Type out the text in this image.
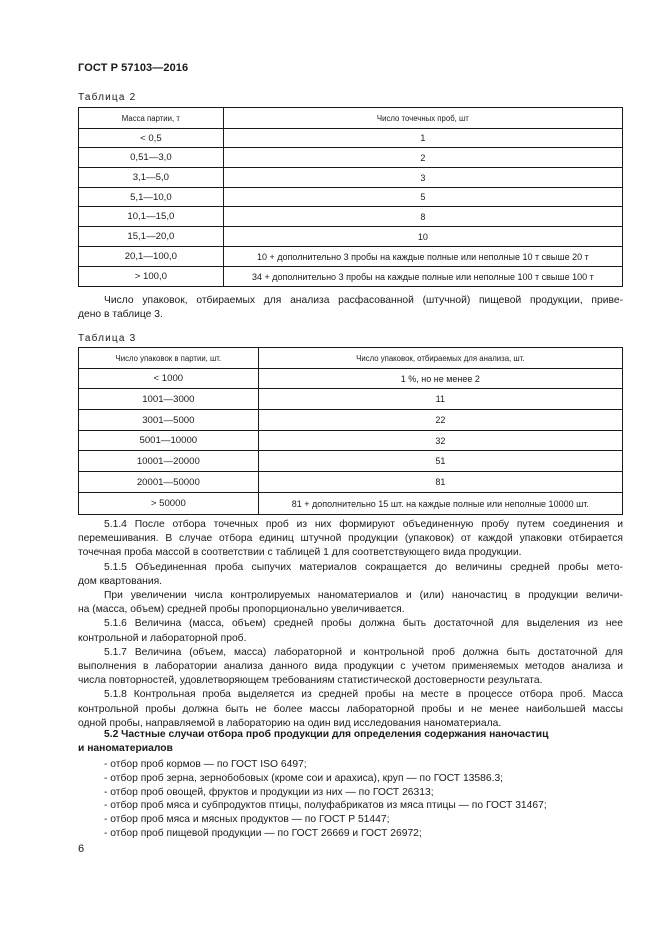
ГОСТ Р 57103—2016
Таблица 2
Масса партии, т	Число точечных проб, шт
< 0,5	1
0,51—3,0	2
3,1—5,0	3
5,1—10,0	5
10,1—15,0	8
15,1—20,0	10
20,1—100,0	10 + дополнительно 3 пробы на каждые полные или неполные 10 т свыше 20 т
> 100,0	34 + дополнительно 3 пробы на каждые полные или неполные 100 т свыше 100 т
Число упаковок, отбираемых для анализа расфасованной (штучной) пищевой продукции, приве-
дено в таблице 3.
Таблица 3
Число упаковок в партии, шт.	Число упаковок, отбираемых для анализа, шт.
< 1000	1 %, но не менее 2
1001—3000	11
3001—5000	22
5001—10000	32
10001—20000	51
20001—50000	81
> 50000	81 + дополнительно 15 шт. на каждые полные или неполные 10000 шт.
5.1.4 После отбора точечных проб из них формируют объединенную пробу путем соединения и
перемешивания. В случае отбора единиц штучной продукции (упаковок) от каждой упаковки отбирается
точечная проба массой в соответствии с таблицей 1 для соответствующего вида продукции.
5.1.5 Объединенная проба сыпучих материалов сокращается до величины средней пробы мето-
дом квартования.
При увеличении числа контролируемых наноматериалов и (или) наночастиц в продукции величи-
на (масса, объем) средней пробы пропорционально увеличивается.
5.1.6 Величина (масса, объем) средней пробы должна быть достаточной для выделения из нее
контрольной и лабораторной проб.
5.1.7 Величина (объем, масса) лабораторной и контрольной проб должна быть достаточной для
выполнения в лаборатории анализа данного вида продукции с учетом применяемых методов анализа и
числа повторностей, удовлетворяющем требованиям статистической достоверности результата.
5.1.8 Контрольная проба выделяется из средней пробы на месте в процессе отбора проб. Масса
контрольной пробы должна быть не более массы лабораторной пробы и не менее наибольшей массы
одной пробы, направляемой в лабораторию на один вид исследования наноматериала.
5.2 Частные случаи отбора проб продукции для определения содержания наночастиц
и наноматериалов
- отбор проб кормов — по ГОСТ ISO 6497;
- отбор проб зерна, зернобобовых (кроме сои и арахиса), круп — по ГОСТ 13586.3;
- отбор проб овощей, фруктов и продукции из них — по ГОСТ 26313;
- отбор проб мяса и субпродуктов птицы, полуфабрикатов из мяса птицы — по ГОСТ 31467;
- отбор проб мяса и мясных продуктов — по ГОСТ Р 51447;
- отбор проб пищевой продукции — по ГОСТ 26669 и ГОСТ 26972;
6
